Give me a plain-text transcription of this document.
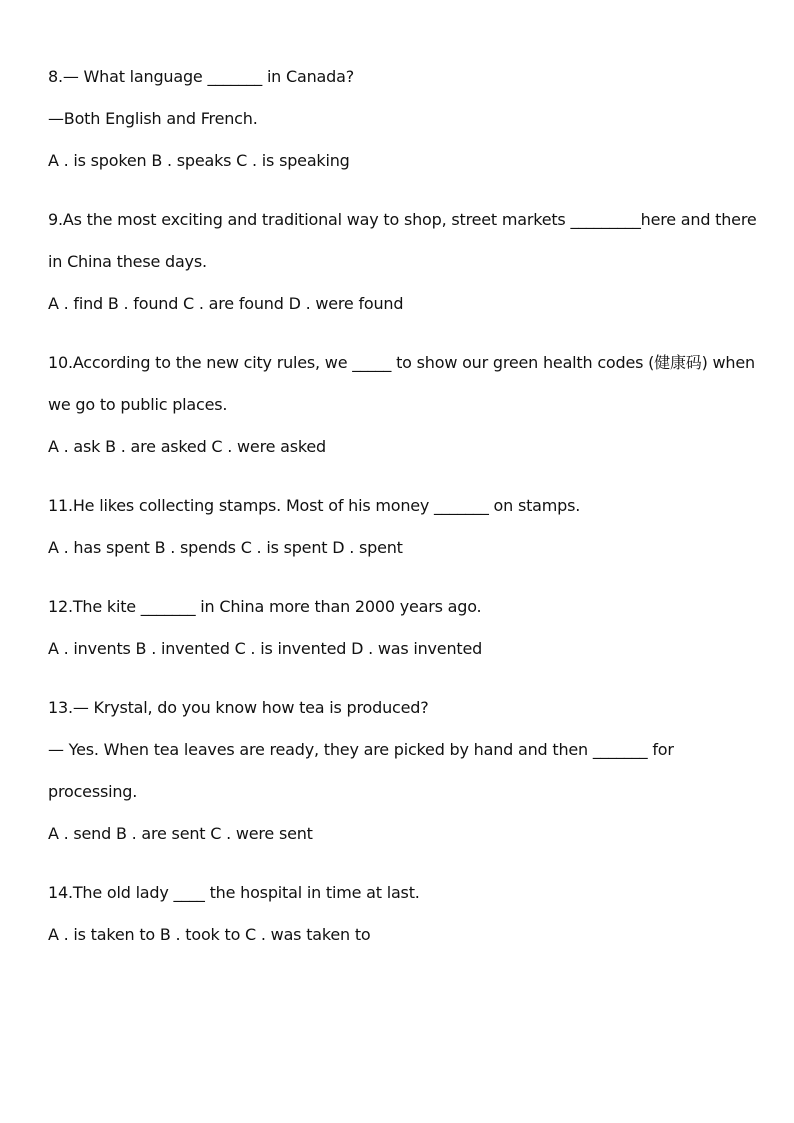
8.— What language _______ in Canada?
—Both English and French.
A . is spoken B . speaks C . is speaking
9.As the most exciting and traditional way to shop, street markets _________here and there
in China these days.
A . find B . found C . are found D . were found
10.According to the new city rules, we _____ to show our green health codes (健康码) when
we go to public places.
A . ask B . are asked C . were asked
11.He likes collecting stamps. Most of his money _______ on stamps.
A . has spent B . spends C . is spent D . spent
12.The kite _______ in China more than 2000 years ago.
A . invents B . invented C . is invented D . was invented
13.— Krystal, do you know how tea is produced?
— Yes. When tea leaves are ready, they are picked by hand and then _______ for
processing.
A . send B . are sent C . were sent
14.The old lady ____ the hospital in time at last.
A . is taken to B . took to C . was taken to
